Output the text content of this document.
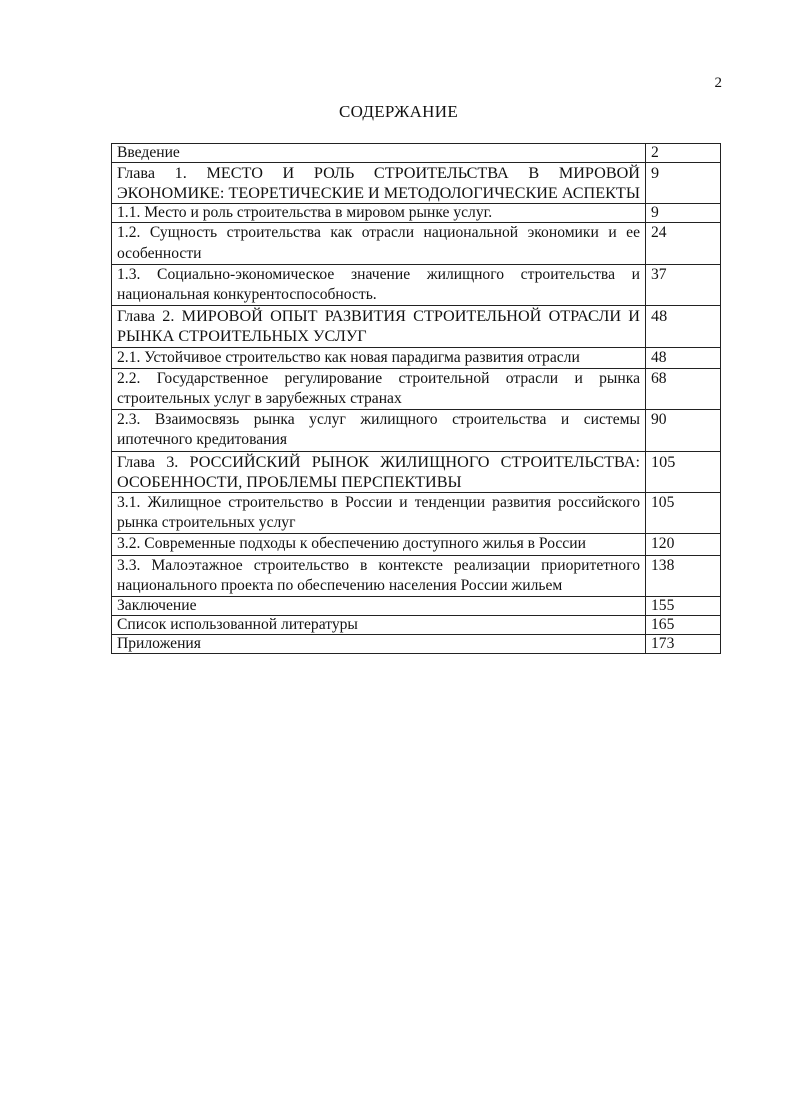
2
СОДЕРЖАНИЕ
Введение	2
Глава 1. МЕСТО И РОЛЬ СТРОИТЕЛЬСТВА В МИРОВОЙ ЭКОНОМИКЕ: ТЕОРЕТИЧЕСКИЕ И МЕТОДОЛОГИЧЕСКИЕ АСПЕКТЫ	9
1.1. Место и роль строительства в мировом рынке услуг.	9
1.2. Сущность строительства как отрасли национальной экономики и ее особенности	24
1.3. Социально-экономическое значение жилищного строительства и национальная конкурентоспособность.	37
Глава 2. МИРОВОЙ ОПЫТ РАЗВИТИЯ СТРОИТЕЛЬНОЙ ОТРАСЛИ И РЫНКА СТРОИТЕЛЬНЫХ УСЛУГ	48
2.1. Устойчивое строительство как новая парадигма развития отрасли	48
2.2. Государственное регулирование строительной отрасли и рынка строительных услуг в зарубежных странах	68
2.3. Взаимосвязь рынка услуг жилищного строительства и системы ипотечного кредитования	90
Глава 3. РОССИЙСКИЙ РЫНОК ЖИЛИЩНОГО СТРОИТЕЛЬСТВА: ОСОБЕННОСТИ, ПРОБЛЕМЫ ПЕРСПЕКТИВЫ	105
3.1. Жилищное строительство в России и тенденции развития российского рынка строительных услуг	105
3.2. Современные подходы к обеспечению доступного жилья в России	120
3.3. Малоэтажное строительство в контексте реализации приоритетного национального проекта по обеспечению населения России жильем	138
Заключение	155
Список использованной литературы	165
Приложения	173
